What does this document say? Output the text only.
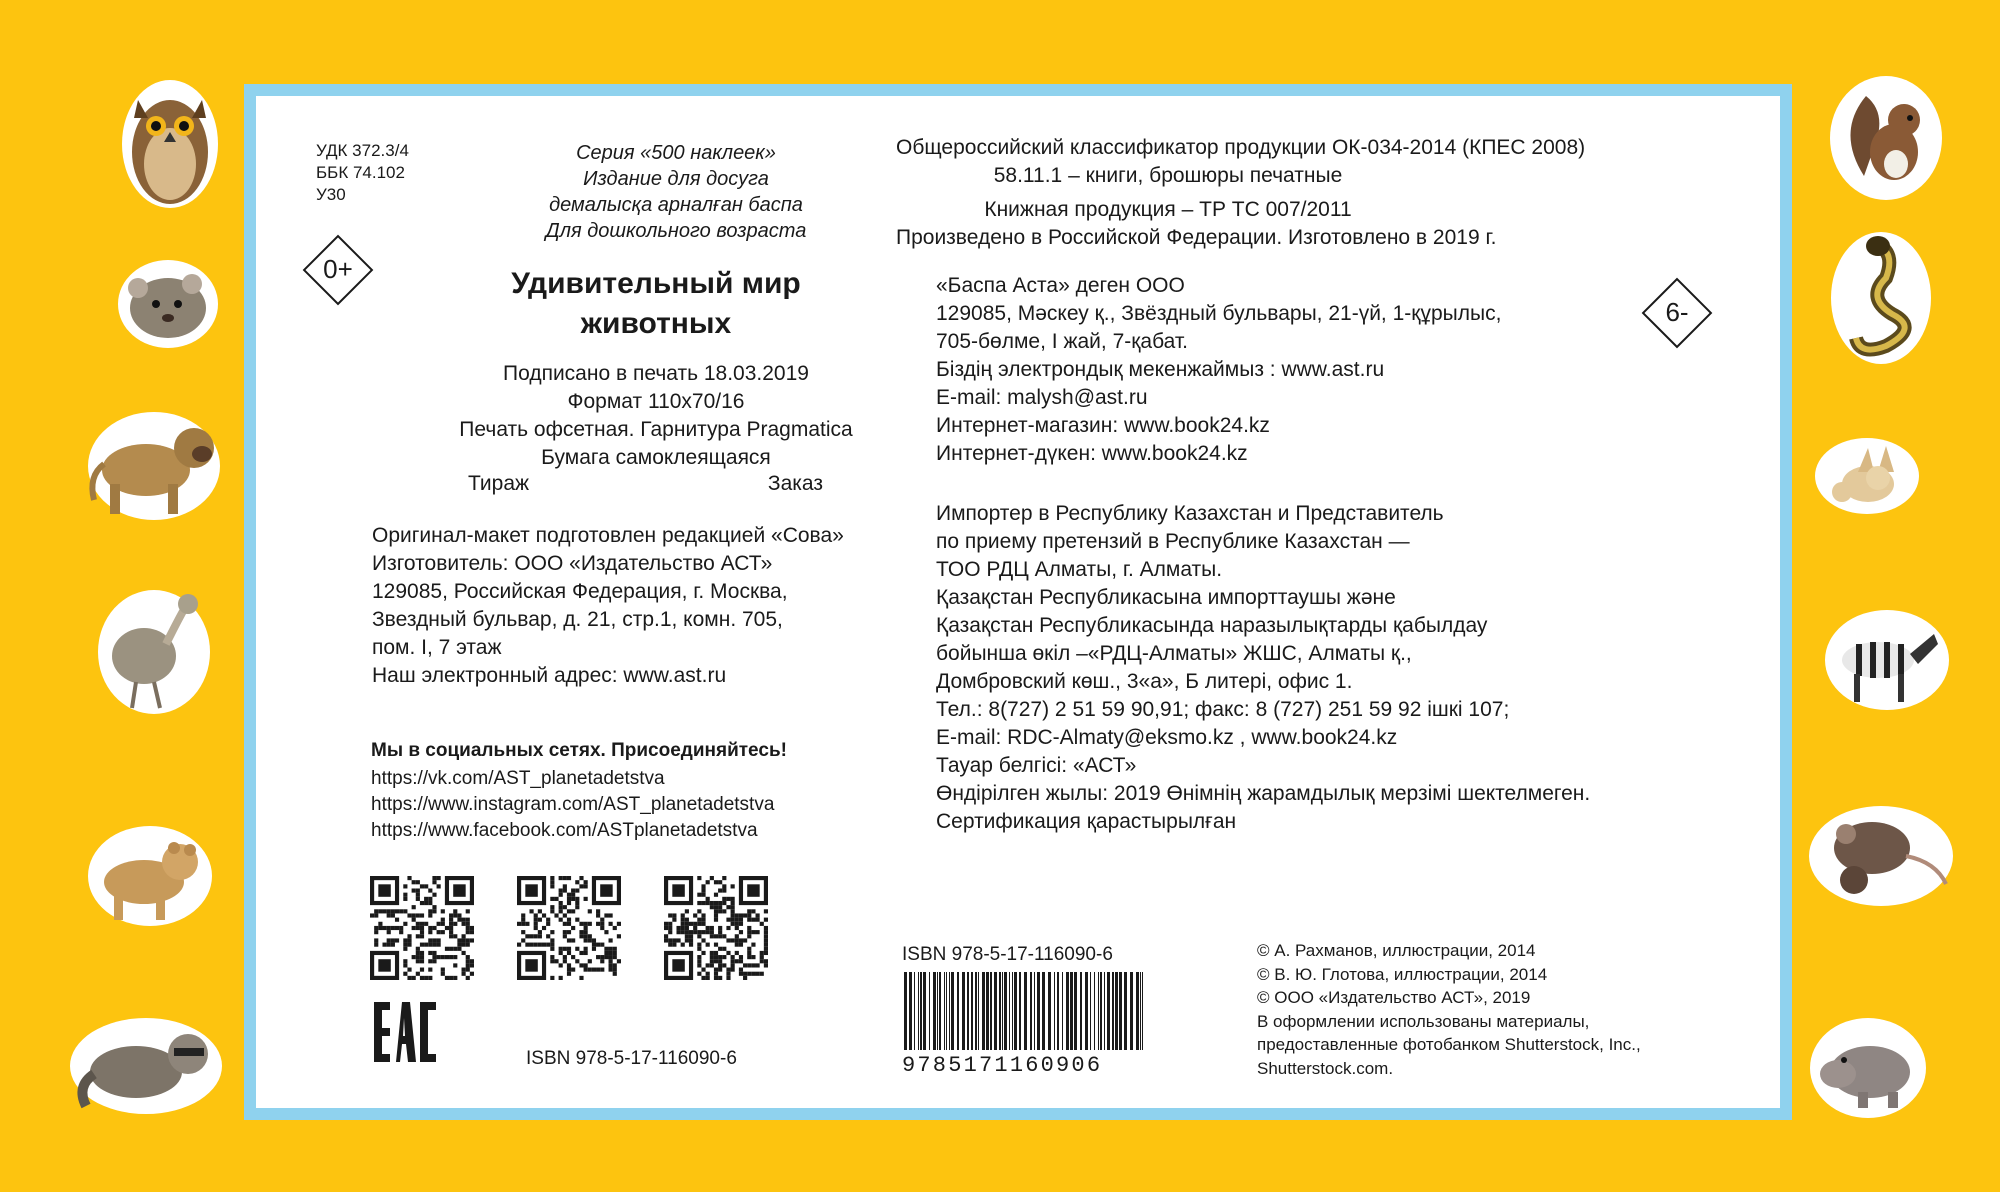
УДК 372.3/4
ББК 74.102
У30
Серия «500 наклеек»
Издание для досуга
демалысқа арналған баспа
Для дошкольного возраста
0+	Удивительный мир
животных
Подписано в печать 18.03.2019
Формат 110x70/16
Печать офсетная. Гарнитура Pragmatica
Бумага самоклеящаяся
Тираж	Заказ
Оригинал-макет подготовлен редакцией «Сова»
Изготовитель: ООО «Издательство АСТ»
129085, Российская Федерация, г. Москва,
Звездный бульвар, д. 21, стр.1, комн. 705,
пом. I, 7 этаж
Наш электронный адрес: www.ast.ru
Мы в социальных сетях. Присоединяйтесь!
https://vk.com/AST_planetadetstva
https://www.instagram.com/AST_planetadetstva
https://www.facebook.com/ASTplanetadetstva
ISBN 978-5-17-116090-6
Общероссийский классификатор продукции ОК-034-2014 (КПЕС 2008)
58.11.1 – книги, брошюры печатные
Книжная продукция – ТР ТС 007/2011
Произведено в Российской Федерации. Изготовлено в 2019 г.
«Баспа Аста» деген ООО
129085, Мәскеу қ., Звёздный бульвары, 21-үй, 1-құрылыс,
705-бөлме, I жай, 7-қабат.
Біздің электрондық мекенжаймыз : www.ast.ru
E-mail: malysh@ast.ru
Интернет-магазин: www.book24.kz
Интернет-дүкен: www.book24.kz
6-
Импортер в Республику Казахстан и Представитель
по приему претензий в Республике Казахстан —
ТОО РДЦ Алматы, г. Алматы.
Қазақстан Республикасына импорттаушы және
Қазақстан Республикасында наразылықтарды қабылдау
бойынша өкіл –«РДЦ-Алматы» ЖШС, Алматы қ.,
Домбровский көш., 3«а», Б литері, офис 1.
Тел.: 8(727) 2 51 59 90,91; факс: 8 (727) 251 59 92 ішкі 107;
E-mail: RDC-Almaty@eksmo.kz , www.book24.kz
Тауар белгісі: «АСТ»
Өндірілген жылы: 2019 Өнімнің жарамдылық мерзімі шектелмеген.
Сертификация қарастырылған
ISBN 978-5-17-116090-6
9785171160906
© А. Рахманов, иллюстрации, 2014
© В. Ю. Глотова, иллюстрации, 2014
© ООО «Издательство АСТ», 2019
В оформлении использованы материалы,
предоставленные фотобанком Shutterstock, Inc.,
Shutterstock.com.
